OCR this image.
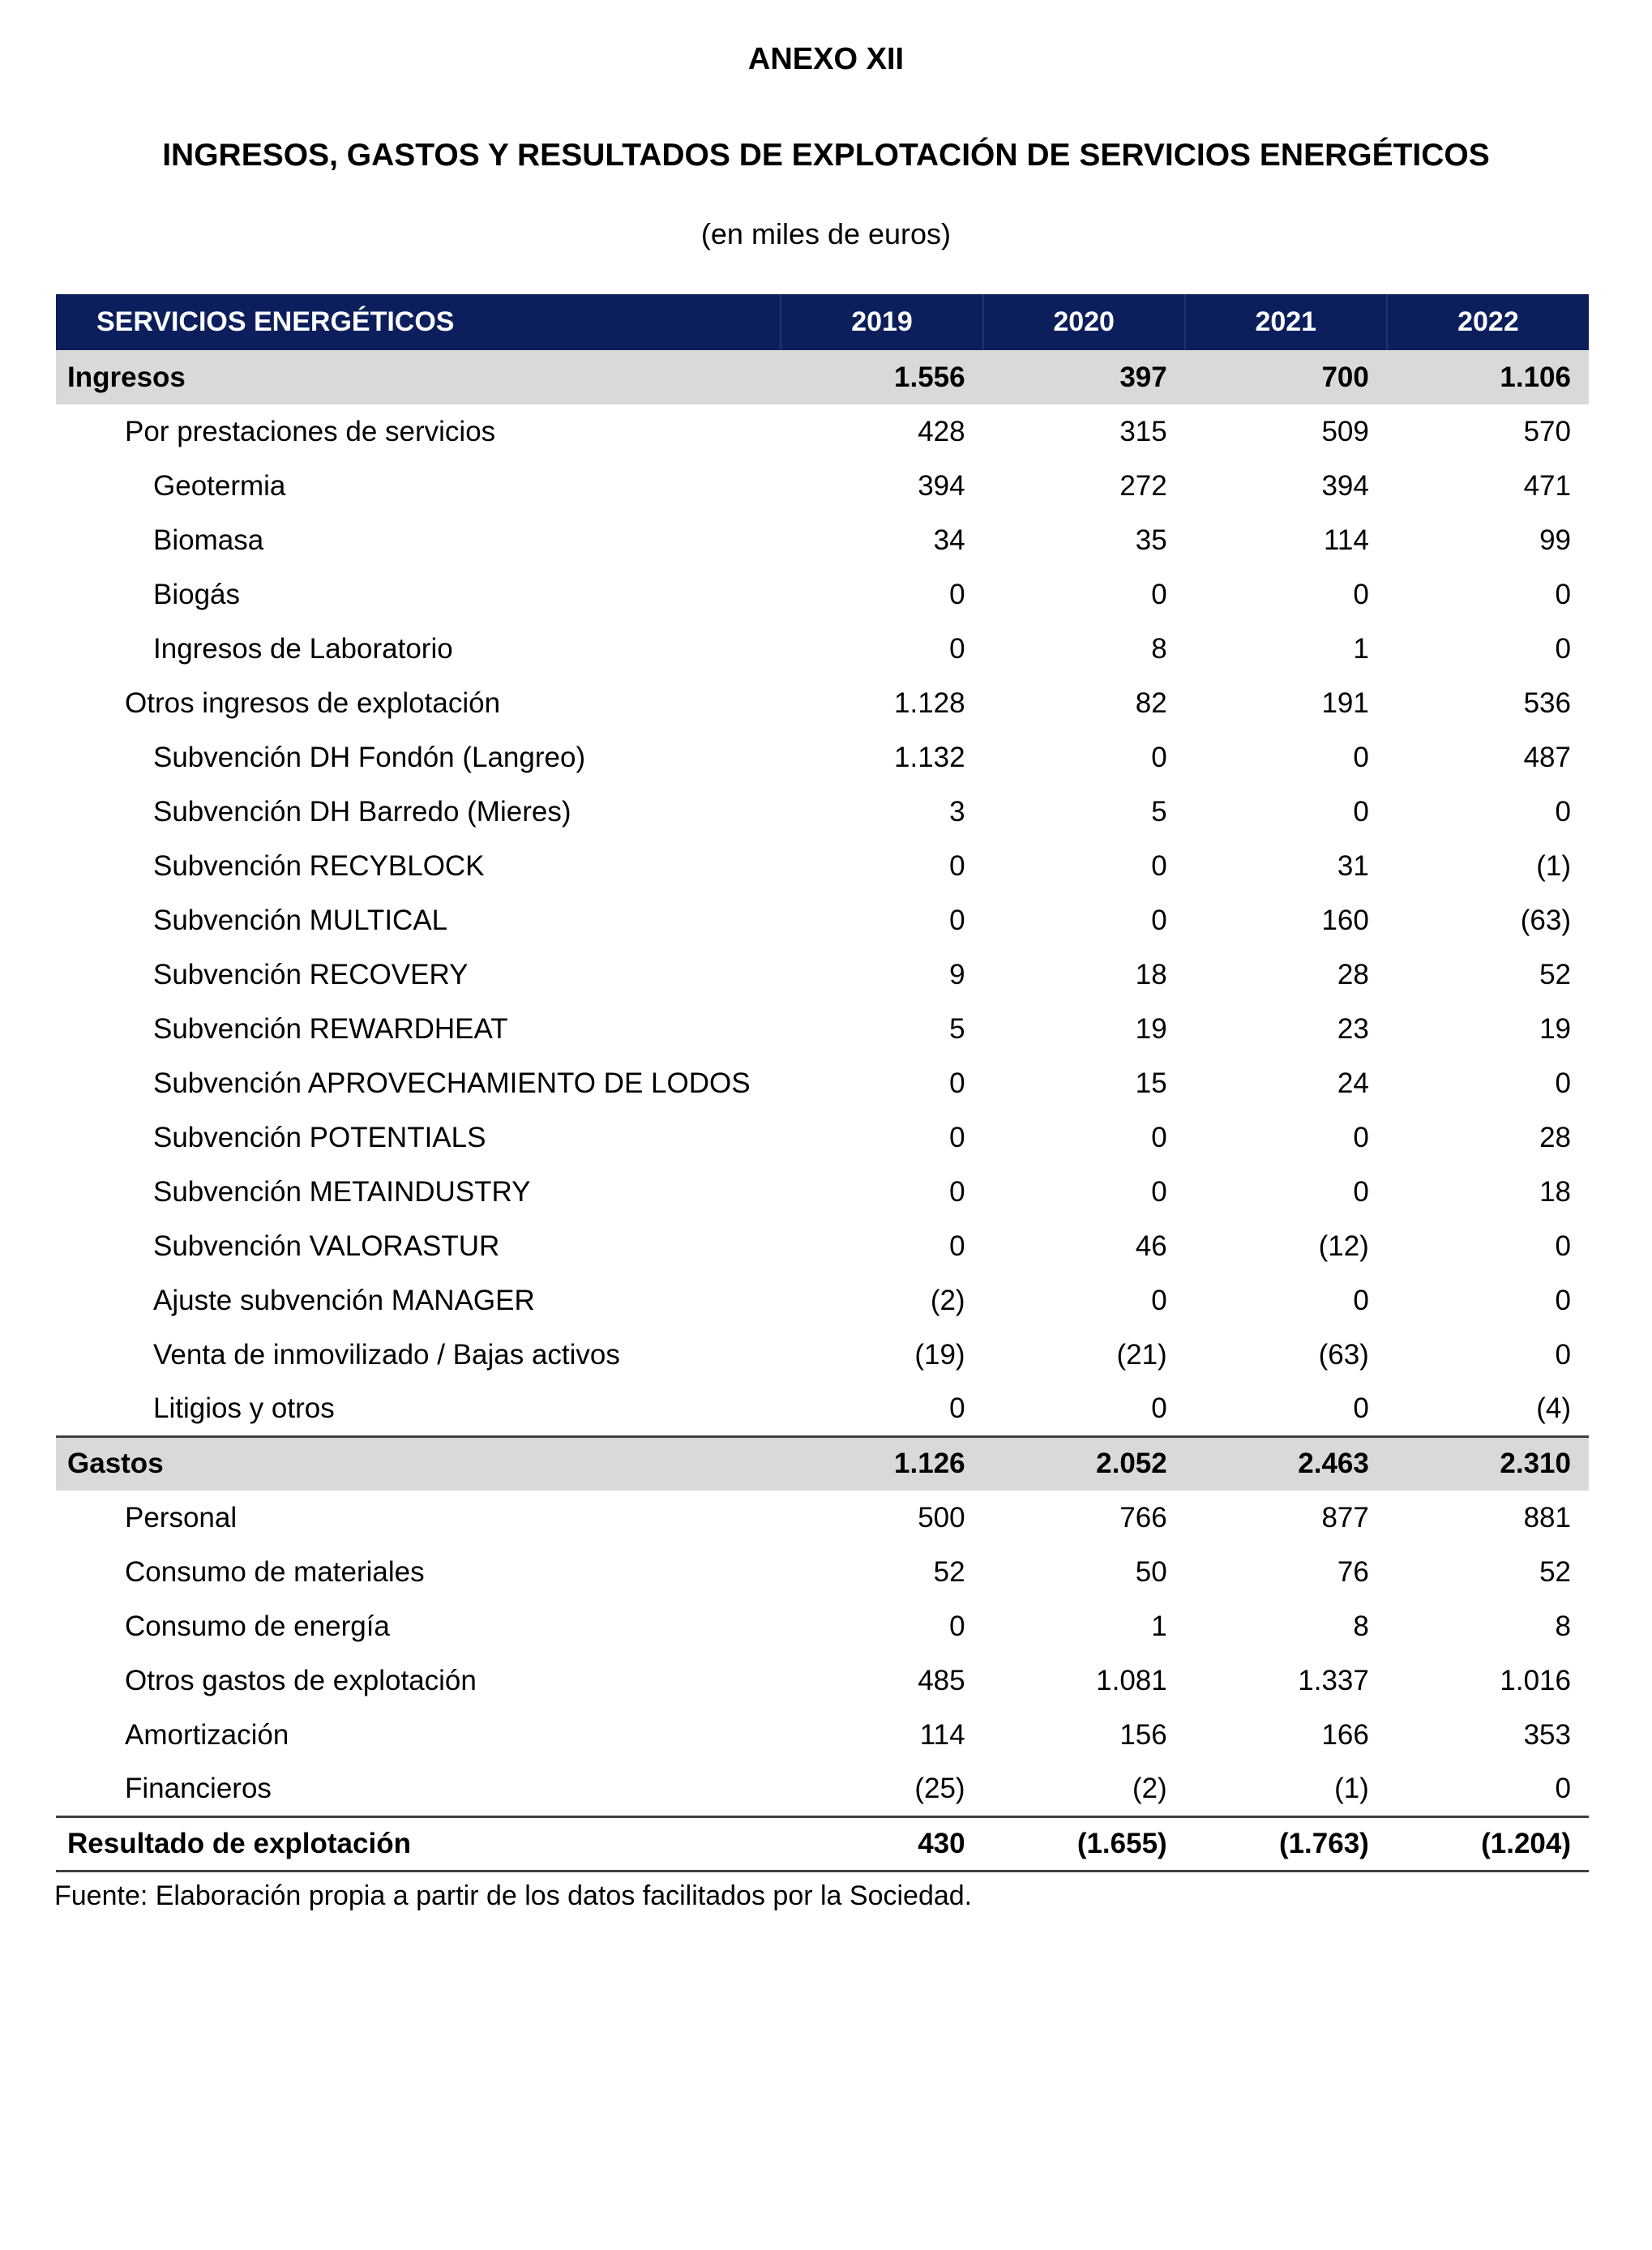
ANEXO XII
INGRESOS, GASTOS Y RESULTADOS DE EXPLOTACIÓN DE SERVICIOS ENERGÉTICOS
(en miles de euros)
SERVICIOS ENERGÉTICOS	2019	2020	2021	2022
Ingresos	1.556	397	700	1.106
Por prestaciones de servicios	428	315	509	570
Geotermia	394	272	394	471
Biomasa	34	35	114	99
Biogás	0	0	0	0
Ingresos de Laboratorio	0	8	1	0
Otros ingresos de explotación	1.128	82	191	536
Subvención DH Fondón (Langreo)	1.132	0	0	487
Subvención DH Barredo (Mieres)	3	5	0	0
Subvención RECYBLOCK	0	0	31	(1)
Subvención MULTICAL	0	0	160	(63)
Subvención RECOVERY	9	18	28	52
Subvención REWARDHEAT	5	19	23	19
Subvención APROVECHAMIENTO DE LODOS	0	15	24	0
Subvención POTENTIALS	0	0	0	28
Subvención METAINDUSTRY	0	0	0	18
Subvención VALORASTUR	0	46	(12)	0
Ajuste subvención MANAGER	(2)	0	0	0
Venta de inmovilizado / Bajas activos	(19)	(21)	(63)	0
Litigios y otros	0	0	0	(4)
Gastos	1.126	2.052	2.463	2.310
Personal	500	766	877	881
Consumo de materiales	52	50	76	52
Consumo de energía	0	1	8	8
Otros gastos de explotación	485	1.081	1.337	1.016
Amortización	114	156	166	353
Financieros	(25)	(2)	(1)	0
Resultado de explotación	430	(1.655)	(1.763)	(1.204)
Fuente: Elaboración propia a partir de los datos facilitados por la Sociedad.
